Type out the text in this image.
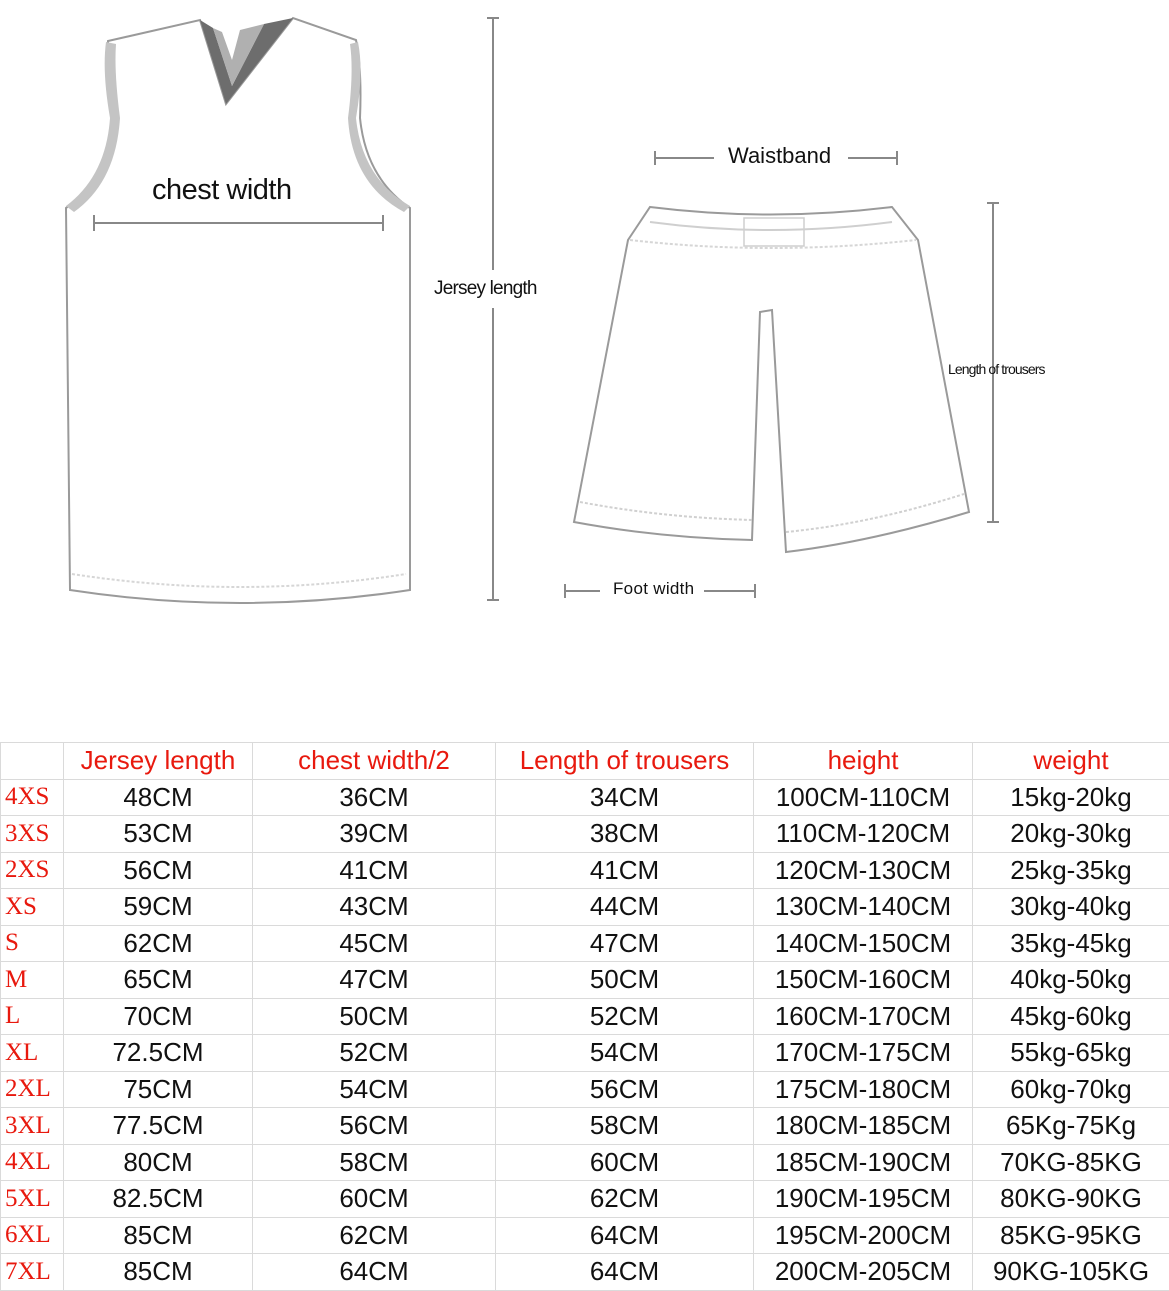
chest width
Jersey length
Waistband
Length of trousers
Foot width
	Jersey length	chest width/2	Length of trousers	height	weight
4XS	48CM	36CM	34CM	100CM-110CM	15kg-20kg
3XS	53CM	39CM	38CM	110CM-120CM	20kg-30kg
2XS	56CM	41CM	41CM	120CM-130CM	25kg-35kg
XS	59CM	43CM	44CM	130CM-140CM	30kg-40kg
S	62CM	45CM	47CM	140CM-150CM	35kg-45kg
M	65CM	47CM	50CM	150CM-160CM	40kg-50kg
L	70CM	50CM	52CM	160CM-170CM	45kg-60kg
XL	72.5CM	52CM	54CM	170CM-175CM	55kg-65kg
2XL	75CM	54CM	56CM	175CM-180CM	60kg-70kg
3XL	77.5CM	56CM	58CM	180CM-185CM	65Kg-75Kg
4XL	80CM	58CM	60CM	185CM-190CM	70KG-85KG
5XL	82.5CM	60CM	62CM	190CM-195CM	80KG-90KG
6XL	85CM	62CM	64CM	195CM-200CM	85KG-95KG
7XL	85CM	64CM	64CM	200CM-205CM	90KG-105KG
